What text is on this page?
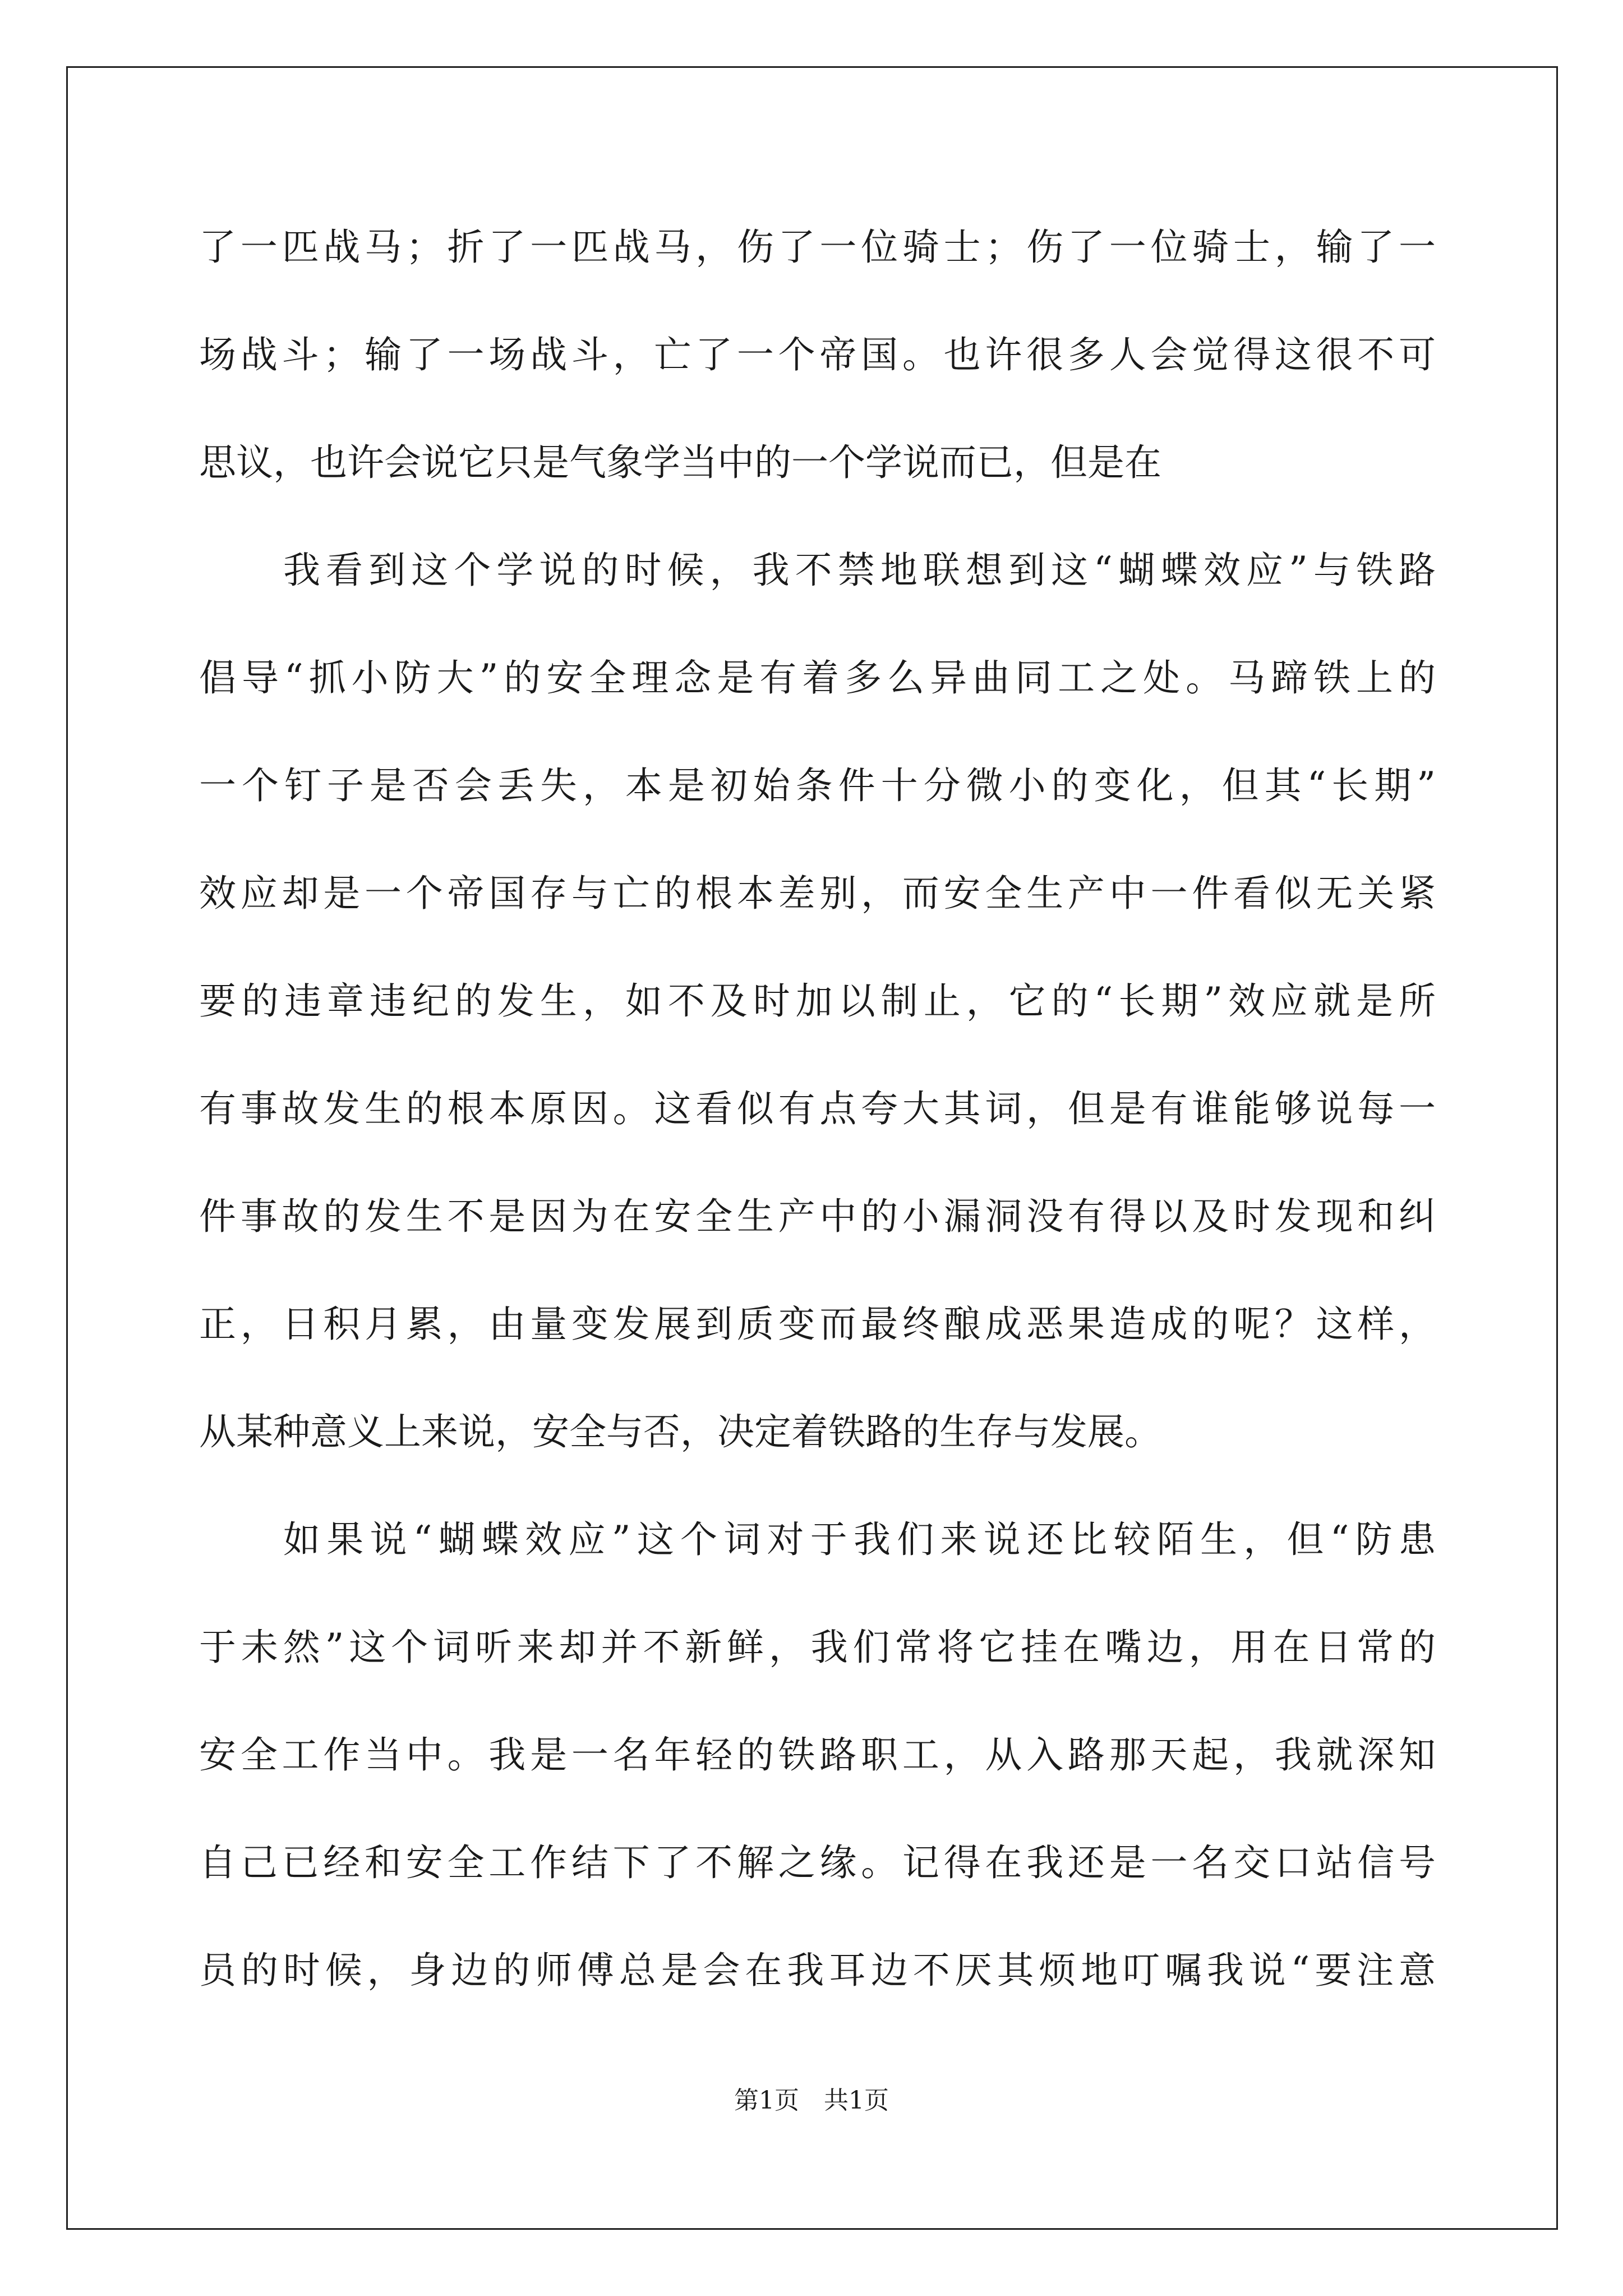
了一匹战马；折了一匹战马，伤了一位骑士；伤了一位骑士，输了一
场战斗；输了一场战斗，亡了一个帝国。也许很多人会觉得这很不可
思议，也许会说它只是气象学当中的一个学说而已，但是在
我看到这个学说的时候，我不禁地联想到这“蝴蝶效应”与铁路
倡导“抓小防大”的安全理念是有着多么异曲同工之处。马蹄铁上的
一个钉子是否会丢失，本是初始条件十分微小的变化，但其“长期”
效应却是一个帝国存与亡的根本差别，而安全生产中一件看似无关紧
要的违章违纪的发生，如不及时加以制止，它的“长期”效应就是所
有事故发生的根本原因。这看似有点夸大其词，但是有谁能够说每一
件事故的发生不是因为在安全生产中的小漏洞没有得以及时发现和纠
正，日积月累，由量变发展到质变而最终酿成恶果造成的呢？这样，
从某种意义上来说，安全与否，决定着铁路的生存与发展。
如果说“蝴蝶效应”这个词对于我们来说还比较陌生，但“防患
于未然”这个词听来却并不新鲜，我们常将它挂在嘴边，用在日常的
安全工作当中。我是一名年轻的铁路职工，从入路那天起，我就深知
自己已经和安全工作结下了不解之缘。记得在我还是一名交口站信号
员的时候，身边的师傅总是会在我耳边不厌其烦地叮嘱我说“要注意
第1页　共1页
